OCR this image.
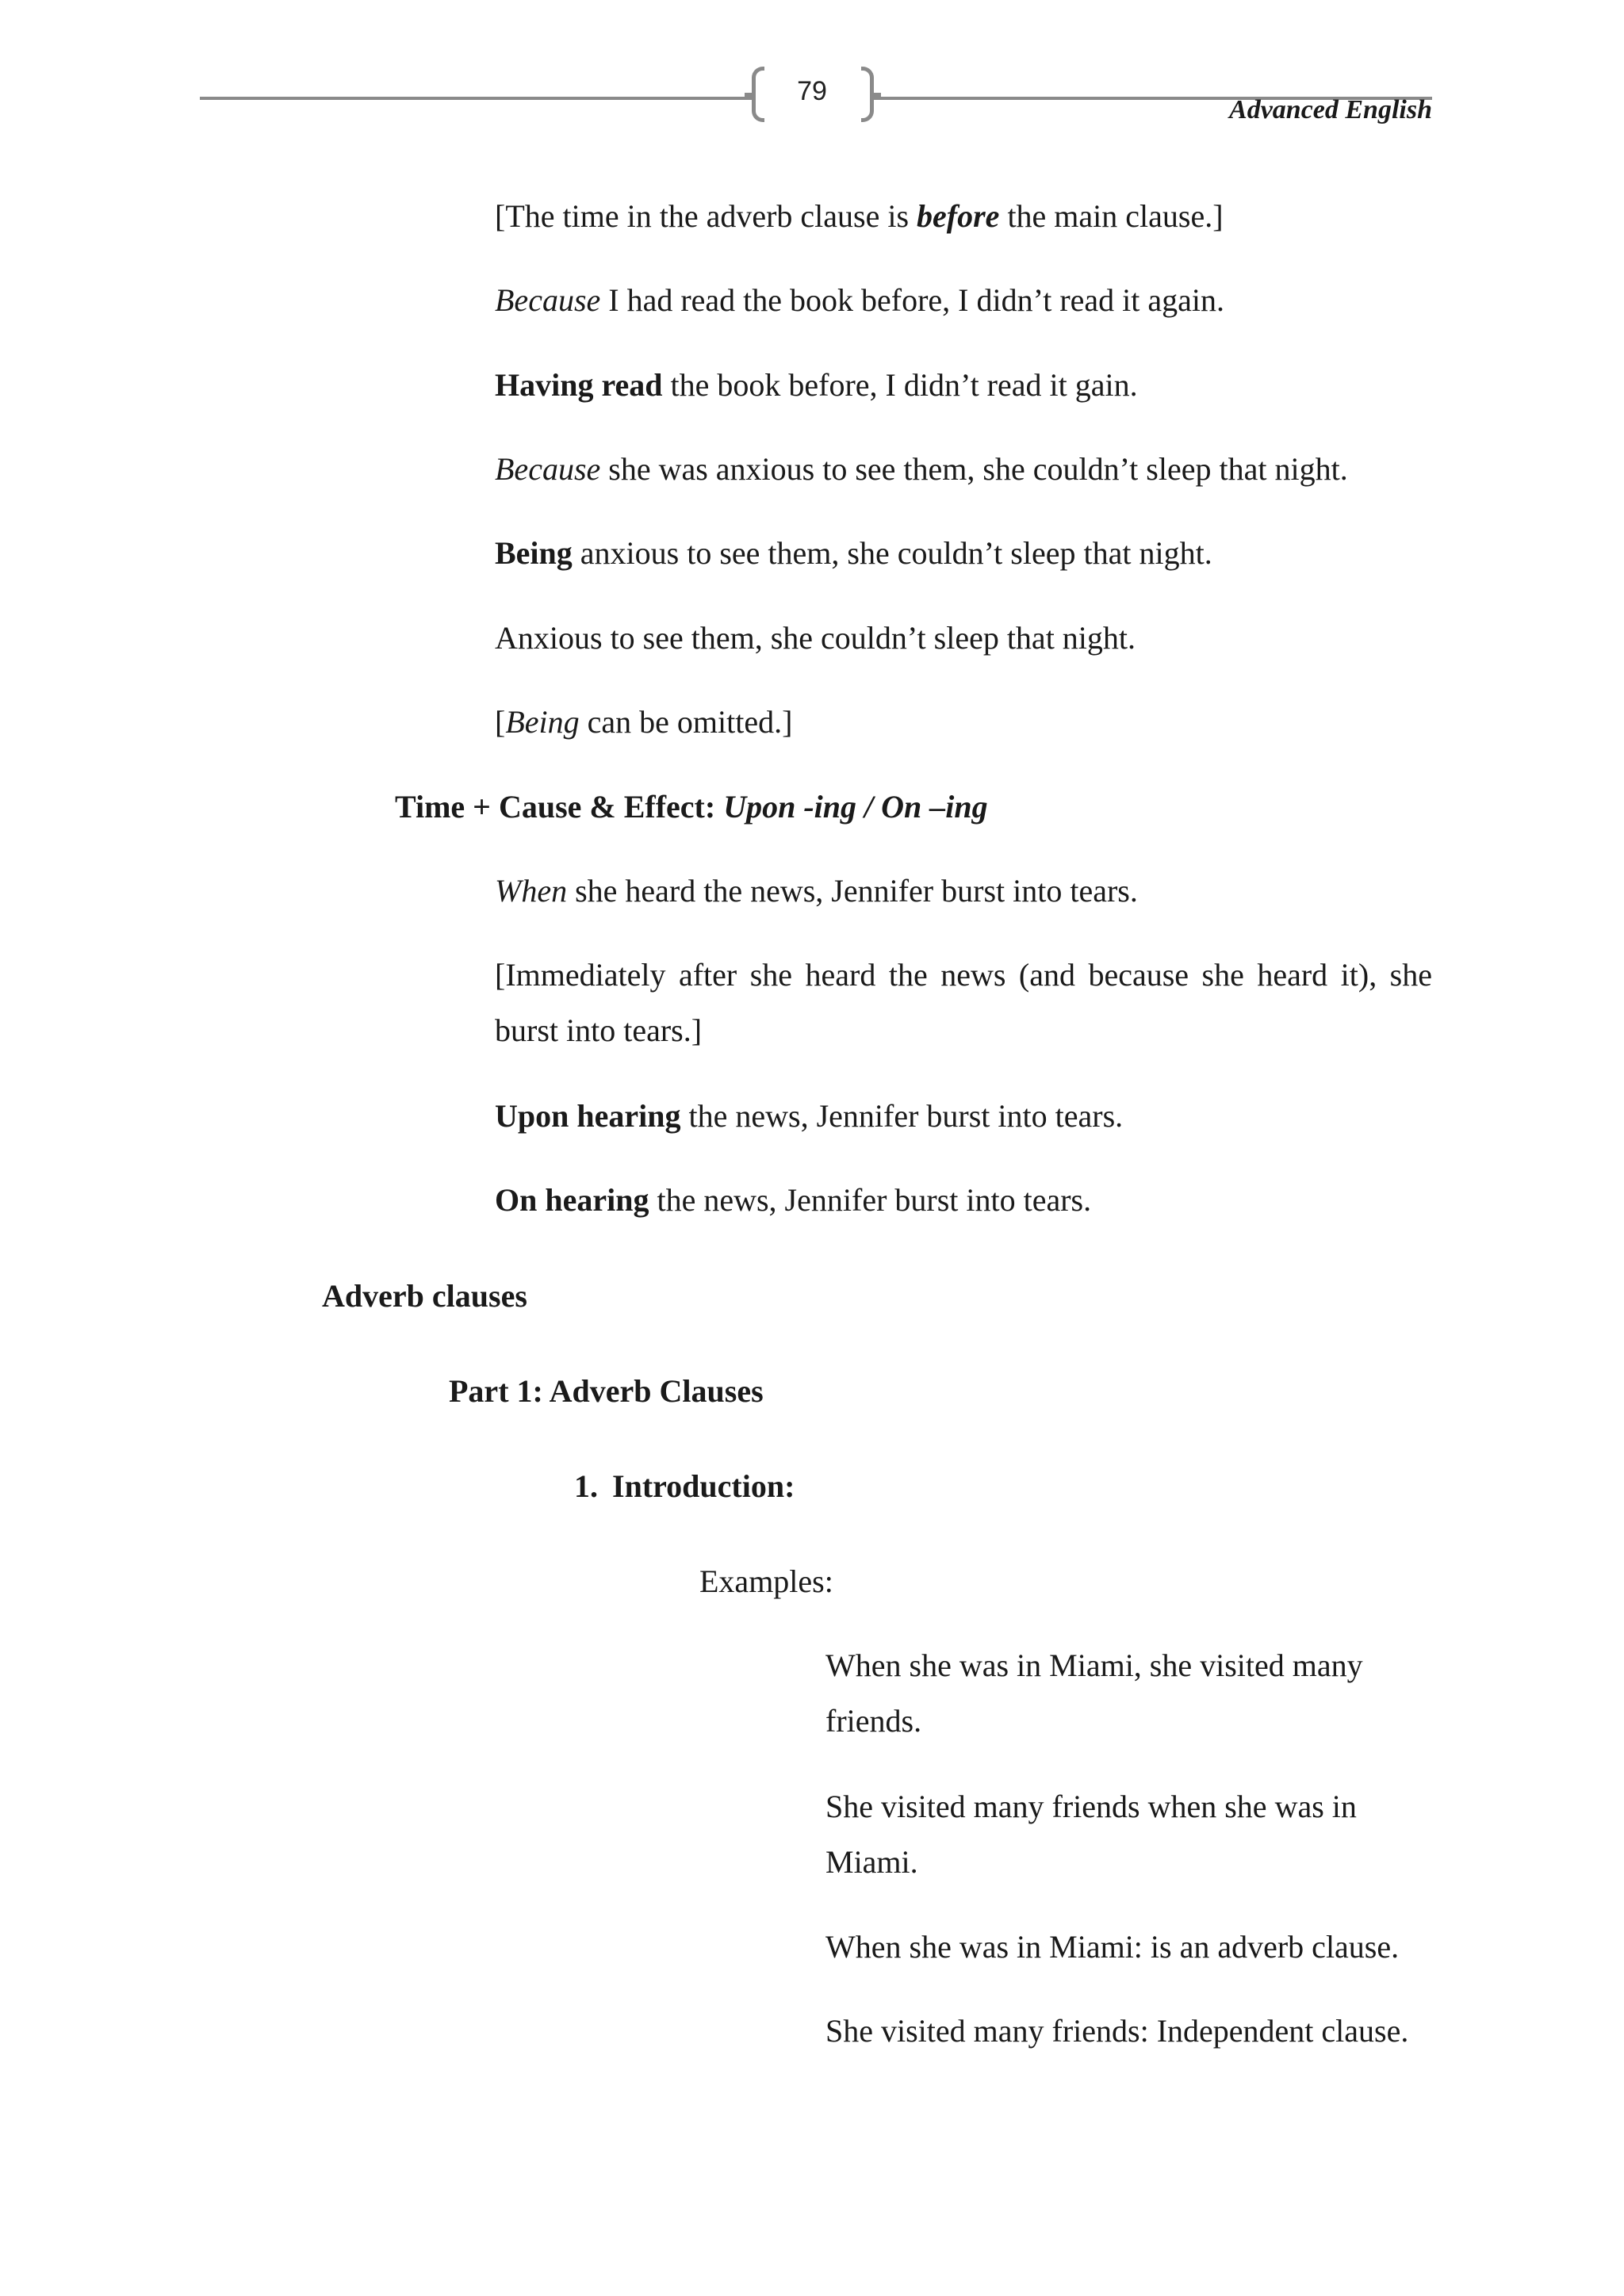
79
Advanced English
[The time in the adverb clause is before the main clause.]
Because I had read the book before, I didn’t read it again.
Having read the book before, I didn’t read it gain.
Because she was anxious to see them, she couldn’t sleep that night.
Being anxious to see them, she couldn’t sleep that night.
Anxious to see them, she couldn’t sleep that night.
[Being can be omitted.]
Time + Cause & Effect: Upon -ing / On –ing
When she heard the news, Jennifer burst into tears.
[Immediately after she heard the news (and because she heard it), she
burst into tears.]
Upon hearing the news, Jennifer burst into tears.
On hearing the news, Jennifer burst into tears.
Adverb clauses
Part 1: Adverb Clauses
1. Introduction:
Examples:
When she was in Miami, she visited many
friends.
She visited many friends when she was in
Miami.
When she was in Miami: is an adverb clause.
She visited many friends: Independent clause.
